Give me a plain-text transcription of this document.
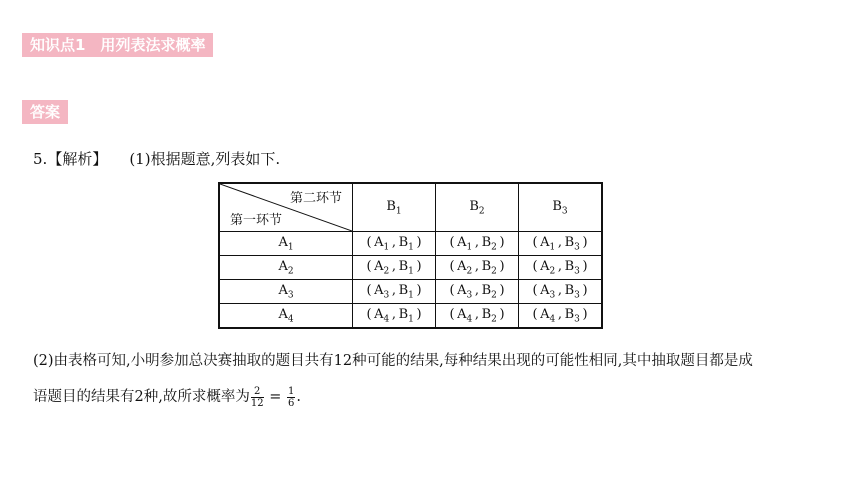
知识点1　用列表法求概率
答案
5.【解析】 (1)根据题意,列表如下.
第二环节
第一环节	$B_1$	$B_2$	$B_3$
$A_1$	( $A_1$ , $B_1$ )	( $A_1$ , $B_2$ )	( $A_1$ , $B_3$ )
$A_2$	( $A_2$ , $B_1$ )	( $A_2$ , $B_2$ )	( $A_2$ , $B_3$ )
$A_3$	( $A_3$ , $B_1$ )	( $A_3$ , $B_2$ )	( $A_3$ , $B_3$ )
$A_4$	( $A_4$ , $B_1$ )	( $A_4$ , $B_2$ )	( $A_4$ , $B_3$ )
(2)由表格可知,小明参加总决赛抽取的题目共有12种可能的结果,每种结果出现的可能性相同,其中抽取题目都是成
语题目的结果有2种,故所求概率为 $\frac{2}{12} = \frac{1}{6}$ .
